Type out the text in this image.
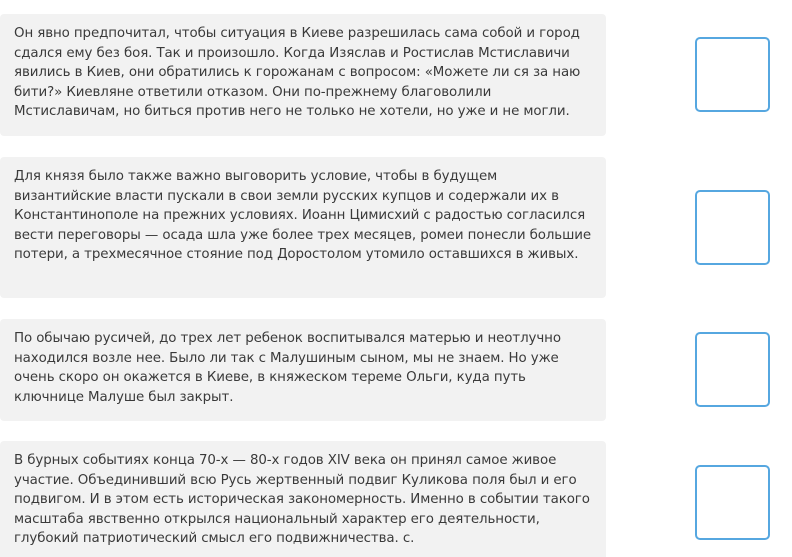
Он явно предпочитал, чтобы ситуация в Киеве разрешилась сама собой и город сдался ему без боя. Так и произошло. Когда Изяслав и Ростислав Мстиславичи явились в Киев, они обратились к горожанам с вопросом: «Можете ли ся за наю бити?» Киевляне ответили отказом. Они по-прежнему благоволили Мстиславичам, но биться против него не только не хотели, но уже и не могли.
Для князя было также важно выговорить условие, чтобы в будущем византийские власти пускали в свои земли русских купцов и содержали их в Константинополе на прежних условиях. Иоанн Цимисхий с радостью согласился вести переговоры — осада шла уже более трех месяцев, ромеи понесли большие потери, а трехмесячное стояние под Доростолом утомило оставшихся в живых.
По обычаю русичей, до трех лет ребенок воспитывался матерью и неотлучно находился возле нее. Было ли так с Малушиным сыном, мы не знаем. Но уже очень скоро он окажется в Киеве, в княжеском тереме Ольги, куда путь ключнице Малуше был закрыт.
В бурных событиях конца 70-х — 80-х годов XIV века он принял самое живое участие. Объединивший всю Русь жертвенный подвиг Куликова поля был и его подвигом. И в этом есть историческая закономерность. Именно в событии такого масштаба явственно открылся национальный характер его деятельности, глубокий патриотический смысл его подвижничества. с.
